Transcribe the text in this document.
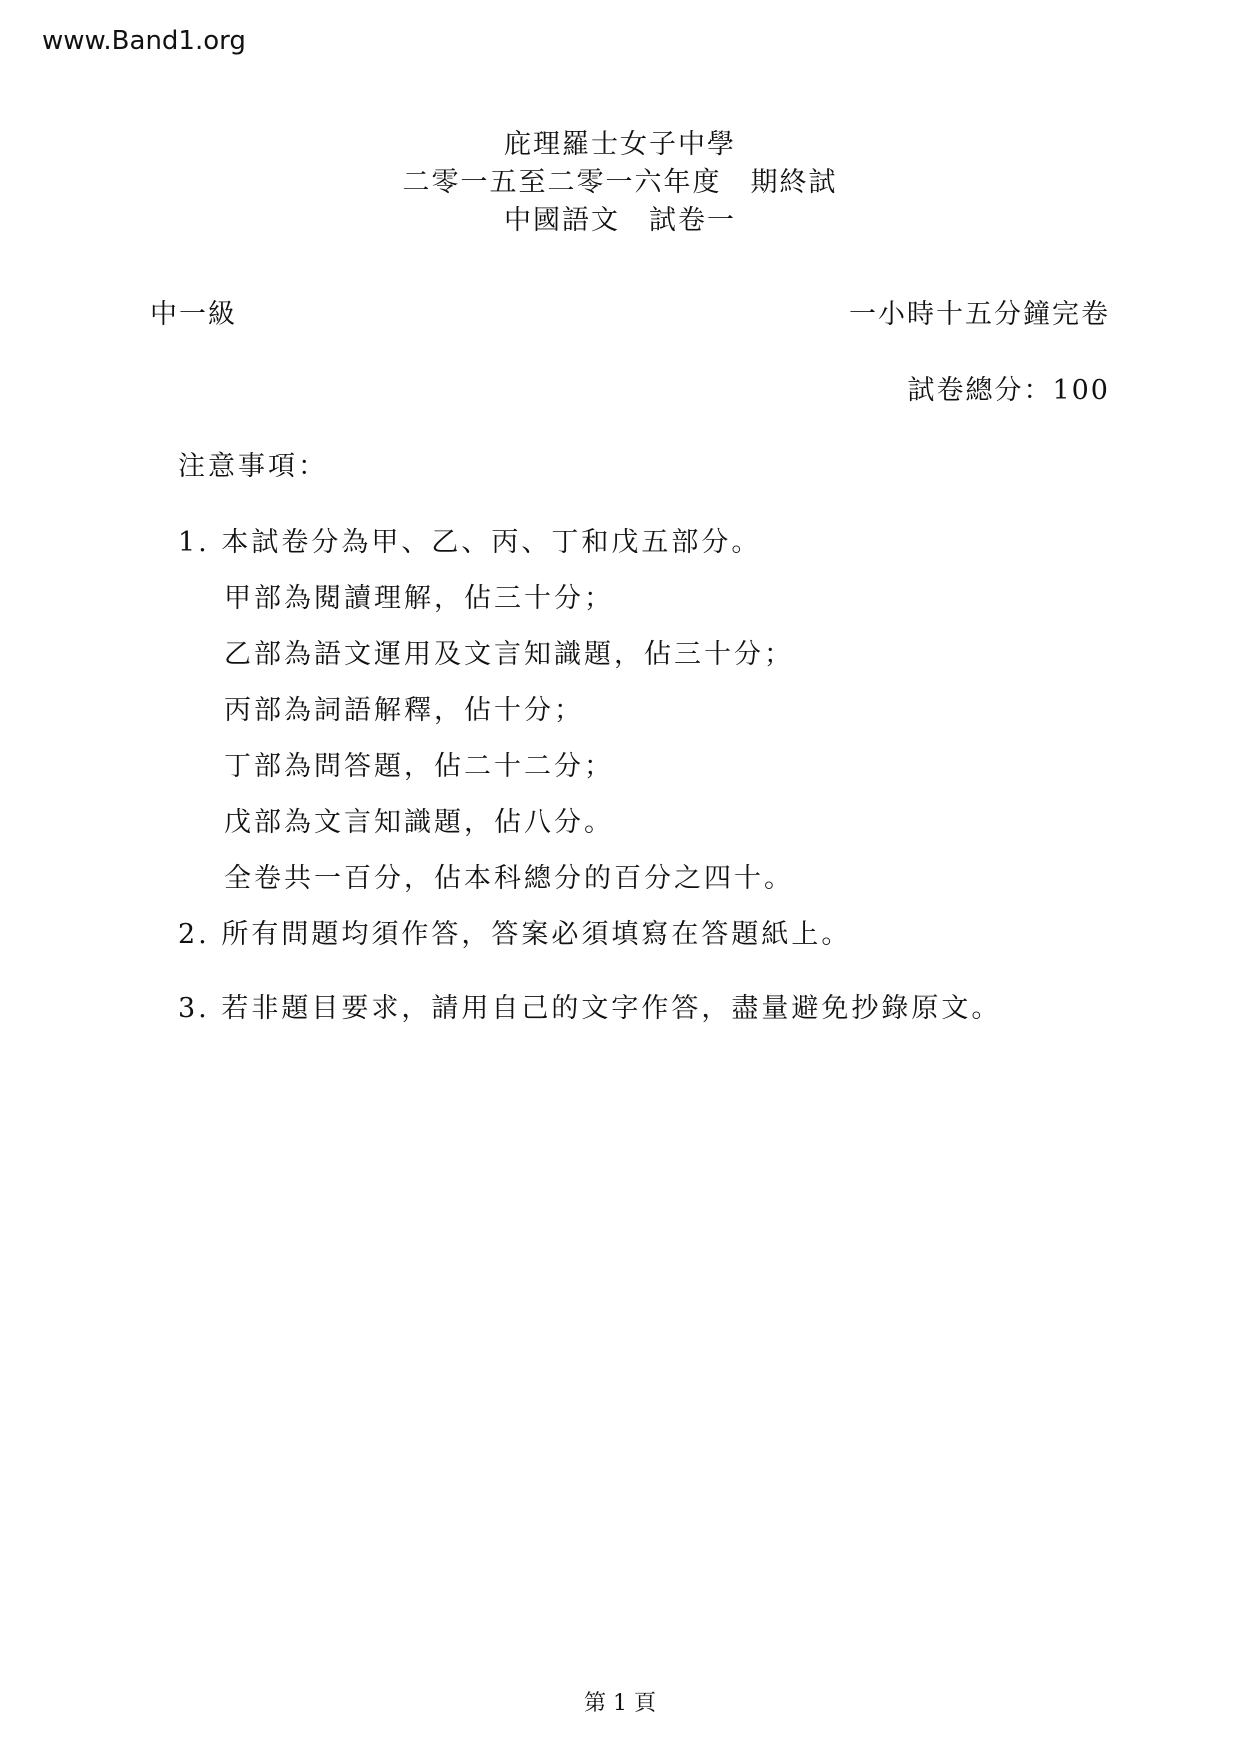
www.Band1.org
庇理羅士女子中學
二零一五至二零一六年度　期終試
中國語文　試卷一
中一級	一小時十五分鐘完卷
試卷總分：100
注意事項：
1. 本試卷分為甲、乙、丙、丁和戊五部分。
甲部為閱讀理解，佔三十分；
乙部為語文運用及文言知識題，佔三十分；
丙部為詞語解釋，佔十分；
丁部為問答題，佔二十二分；
戊部為文言知識題，佔八分。
全卷共一百分，佔本科總分的百分之四十。
2. 所有問題均須作答，答案必須填寫在答題紙上。
3. 若非題目要求，請用自己的文字作答，盡量避免抄錄原文。
第 1 頁
